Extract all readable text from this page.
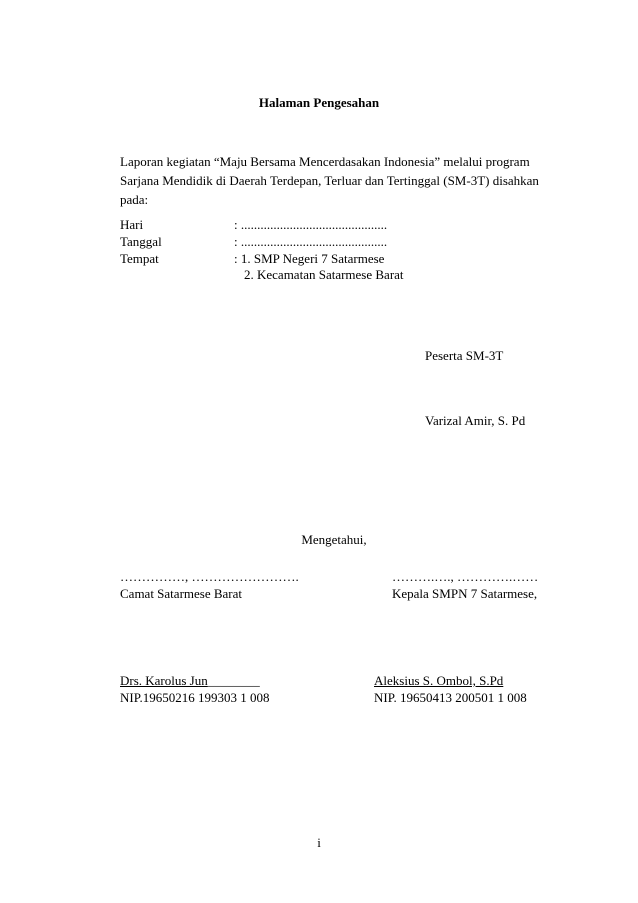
Halaman Pengesahan
Laporan kegiatan “Maju Bersama Mencerdasakan Indonesia” melalui program
Sarjana Mendidik di Daerah Terdepan, Terluar dan Tertinggal (SM-3T) disahkan
pada:
Hari	: .............................................
Tanggal	: .............................................
Tempat	: 1. SMP Negeri 7 Satarmese
2. Kecamatan Satarmese Barat
Peserta SM-3T
Varizal Amir, S. Pd
Mengetahui,
……………, …………………….
Camat Satarmese Barat
Drs. Karolus Jun________
NIP.19650216 199303 1 008
……….…., ………….……
Kepala SMPN 7 Satarmese,
Aleksius S. Ombol, S.Pd
NIP. 19650413 200501 1 008
i
